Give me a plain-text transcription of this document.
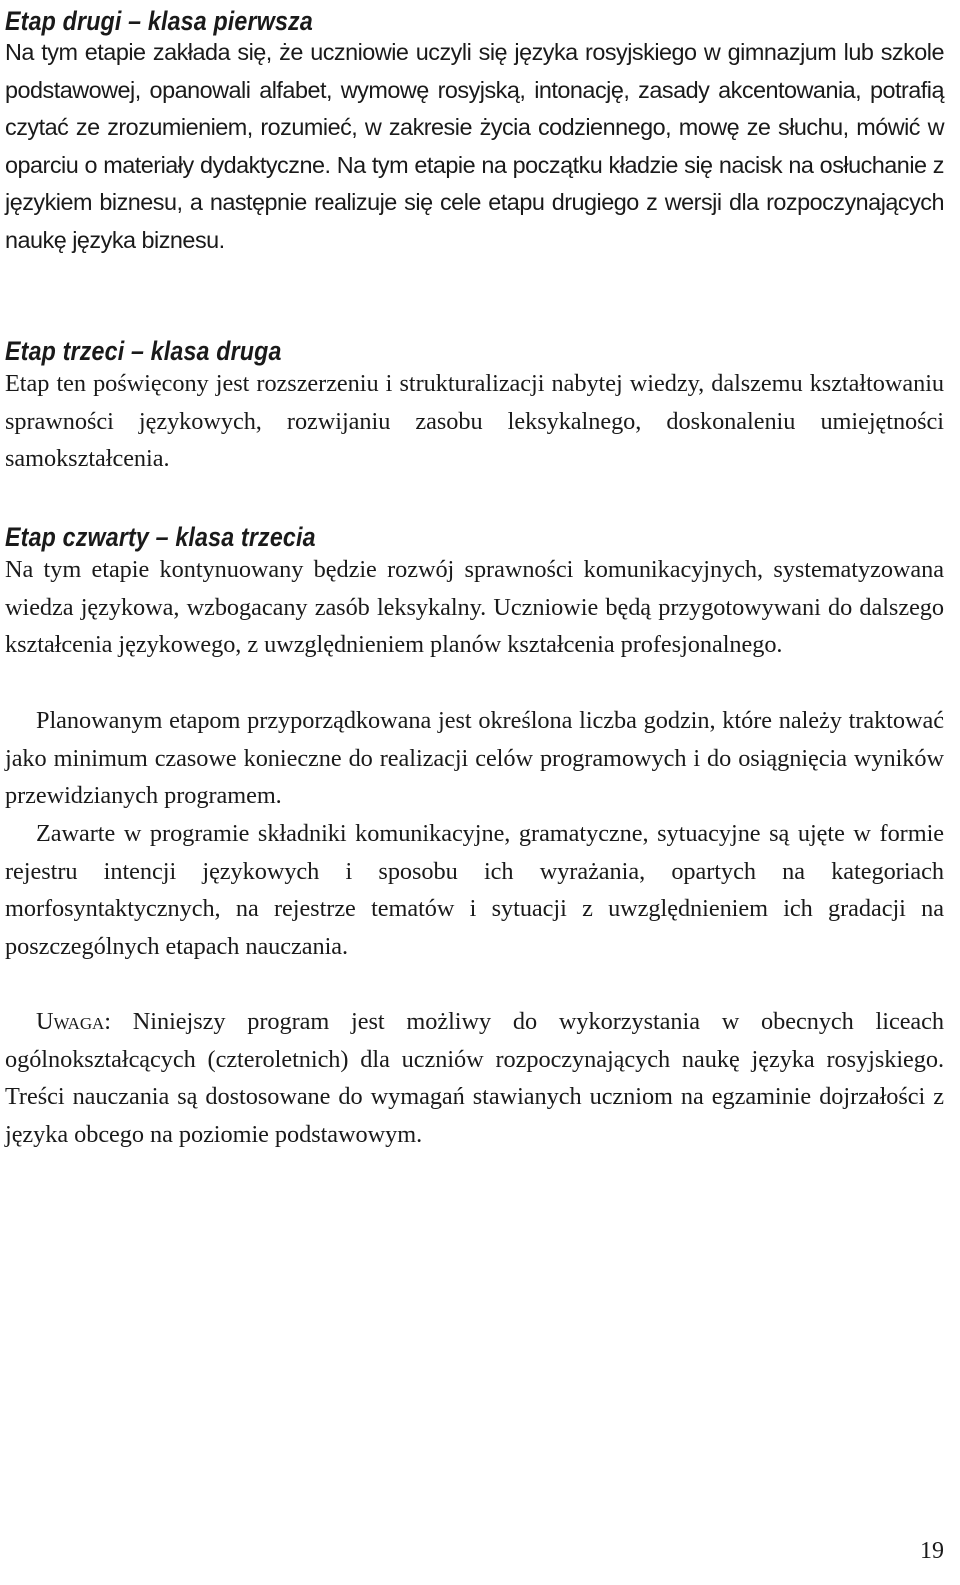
Etap drugi – klasa pierwsza

Na tym etapie zakłada się, że uczniowie uczyli się języka rosyjskiego w gimnazjum lub szkole podstawowej, opanowali alfabet, wymowę rosyjską, intonację, zasady akcentowania, potrafią czytać ze zrozumieniem, rozumieć, w zakresie życia codziennego, mowę ze słuchu, mówić w oparciu o materiały dydaktyczne. Na tym etapie na początku kładzie się nacisk na osłuchanie z językiem biznesu, a następnie realizuje się cele etapu drugiego z wersji dla rozpoczynających naukę języka biznesu.

Etap trzeci – klasa druga

Etap ten poświęcony jest rozszerzeniu i strukturalizacji nabytej wiedzy, dalszemu kształtowaniu sprawności językowych, rozwijaniu zasobu leksykalnego, doskonaleniu umiejętności samokształcenia.

Etap czwarty – klasa trzecia

Na tym etapie kontynuowany będzie rozwój sprawności komunikacyjnych, systematyzowana wiedza językowa, wzbogacany zasób leksykalny. Uczniowie będą przygotowywani do dalszego kształcenia językowego, z uwzględnieniem planów kształcenia profesjonalnego.

Planowanym etapom przyporządkowana jest określona liczba godzin, które należy traktować jako minimum czasowe konieczne do realizacji celów programowych i do osiągnięcia wyników przewidzianych programem.

Zawarte w programie składniki komunikacyjne, gramatyczne, sytuacyjne są ujęte w formie rejestru intencji językowych i sposobu ich wyrażania, opartych na kategoriach morfosyntaktycznych, na rejestrze tematów i sytuacji z uwzględnieniem ich gradacji na poszczególnych etapach nauczania.

Uwaga: Niniejszy program jest możliwy do wykorzystania w obecnych liceach ogólnokształcących (czteroletnich) dla uczniów rozpoczynających naukę języka rosyjskiego. Treści nauczania są dostosowane do wymagań stawianych uczniom na egzaminie dojrzałości z języka obcego na poziomie podstawowym.

19
